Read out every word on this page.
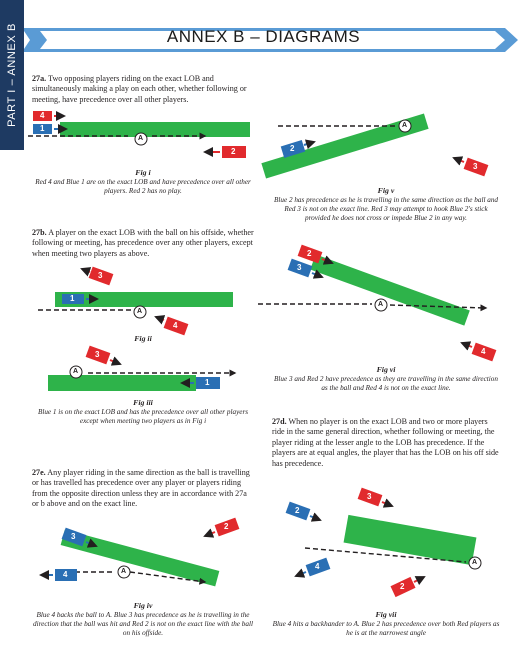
ANNEX B – DIAGRAMS
PART I – ANNEX B	4
1
2
1
3
4
1
3
3
2
4
2
3
2
3
4
3
2
4
2
A
A
A
A
A
A
A
27a. Two opposing players riding on the exact LOB and simultaneously making a play on each other, whether following or meeting, have precedence over all other players.
27b. A player on the exact LOB with the ball on his offside, whether following or meeting, has precedence over any other players, except when meeting two players as above.
27d. When no player is on the exact LOB and two or more players ride in the same general direction, whether following or meeting, the player riding at the lesser angle to the LOB has precedence. If the players are at equal angles, the player that has the LOB on his off side has precedence.
27e. Any player riding in the same direction as the ball is travelling or has travelled has precedence over any player or players riding from the opposite direction unless they are in accordance with 27a or b above and on the exact line.
Fig i
Red 4 and Blue 1 are on the exact LOB and have precedence over all other players. Red 2 has no play.
Fig ii
Fig iii
Blue 1 is on the exact LOB and has the precedence over all other players except when meeting two players as in Fig i
Fig iv
Blue 4 backs the ball to A. Blue 3 has precedence as he is travelling in the direction that the ball was hit and Red 2 is not on the exact line with the ball on his offside.
Fig v
Blue 2 has precedence as he is travelling in the same direction as the ball and Red 3 is not on the exact line. Red 3 may attempt to hook Blue 2's stick provided he does not cross or impede Blue 2 in any way.
Fig vi
Blue 3 and Red 2 have precedence as they are travelling in the same direction as the ball and Red 4 is not on the exact line.
Fig vii
Blue 4 hits a backhander to A. Blue 2 has precedence over both Red players as he is at the narrowest angle
